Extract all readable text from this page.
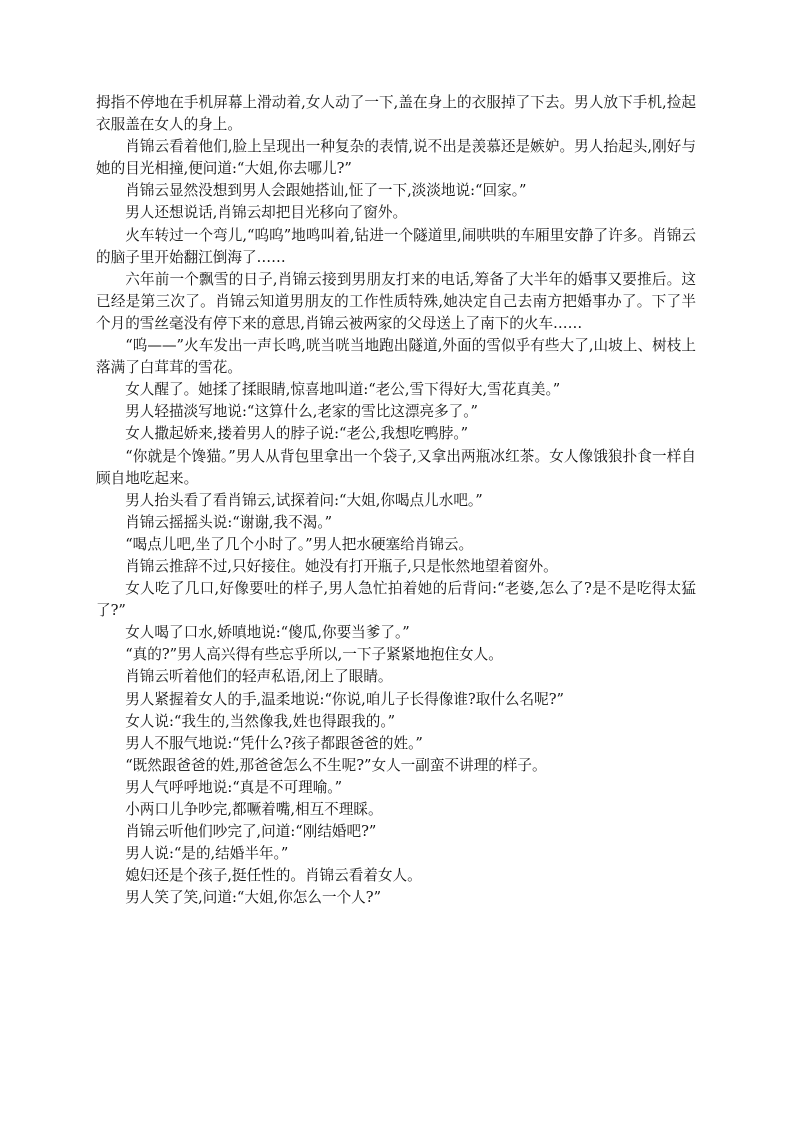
拇指不停地在手机屏幕上滑动着,女人动了一下,盖在身上的衣服掉了下去。男人放下手机,捡起衣服盖在女人的身上。

肖锦云看着他们,脸上呈现出一种复杂的表情,说不出是羡慕还是嫉妒。男人抬起头,刚好与她的目光相撞,便问道:“大姐,你去哪儿?”

肖锦云显然没想到男人会跟她搭讪,怔了一下,淡淡地说:“回家。”

男人还想说话,肖锦云却把目光移向了窗外。

火车转过一个弯儿,“呜呜”地鸣叫着,钻进一个隧道里,闹哄哄的车厢里安静了许多。肖锦云的脑子里开始翻江倒海了……

六年前一个飘雪的日子,肖锦云接到男朋友打来的电话,筹备了大半年的婚事又要推后。这已经是第三次了。肖锦云知道男朋友的工作性质特殊,她决定自己去南方把婚事办了。下了半个月的雪丝毫没有停下来的意思,肖锦云被两家的父母送上了南下的火车……

“呜——”火车发出一声长鸣,咣当咣当地跑出隧道,外面的雪似乎有些大了,山坡上、树枝上落满了白茸茸的雪花。

女人醒了。她揉了揉眼睛,惊喜地叫道:“老公,雪下得好大,雪花真美。”

男人轻描淡写地说:“这算什么,老家的雪比这漂亮多了。”

女人撒起娇来,搂着男人的脖子说:“老公,我想吃鸭脖。”

“你就是个馋猫。”男人从背包里拿出一个袋子,又拿出两瓶冰红茶。女人像饿狼扑食一样自顾自地吃起来。

男人抬头看了看肖锦云,试探着问:“大姐,你喝点儿水吧。”

肖锦云摇摇头说:“谢谢,我不渴。”

“喝点儿吧,坐了几个小时了。”男人把水硬塞给肖锦云。

肖锦云推辞不过,只好接住。她没有打开瓶子,只是怅然地望着窗外。

女人吃了几口,好像要吐的样子,男人急忙拍着她的后背问:“老婆,怎么了?是不是吃得太猛了?”

女人喝了口水,娇嗔地说:“傻瓜,你要当爹了。”

“真的?”男人高兴得有些忘乎所以,一下子紧紧地抱住女人。

肖锦云听着他们的轻声私语,闭上了眼睛。

男人紧握着女人的手,温柔地说:“你说,咱儿子长得像谁?取什么名呢?”

女人说:“我生的,当然像我,姓也得跟我的。”

男人不服气地说:“凭什么?孩子都跟爸爸的姓。”

“既然跟爸爸的姓,那爸爸怎么不生呢?”女人一副蛮不讲理的样子。

男人气呼呼地说:“真是不可理喻。”

小两口儿争吵完,都噘着嘴,相互不理睬。

肖锦云听他们吵完了,问道:“刚结婚吧?”

男人说:“是的,结婚半年。”

媳妇还是个孩子,挺任性的。肖锦云看着女人。

男人笑了笑,问道:“大姐,你怎么一个人?”
